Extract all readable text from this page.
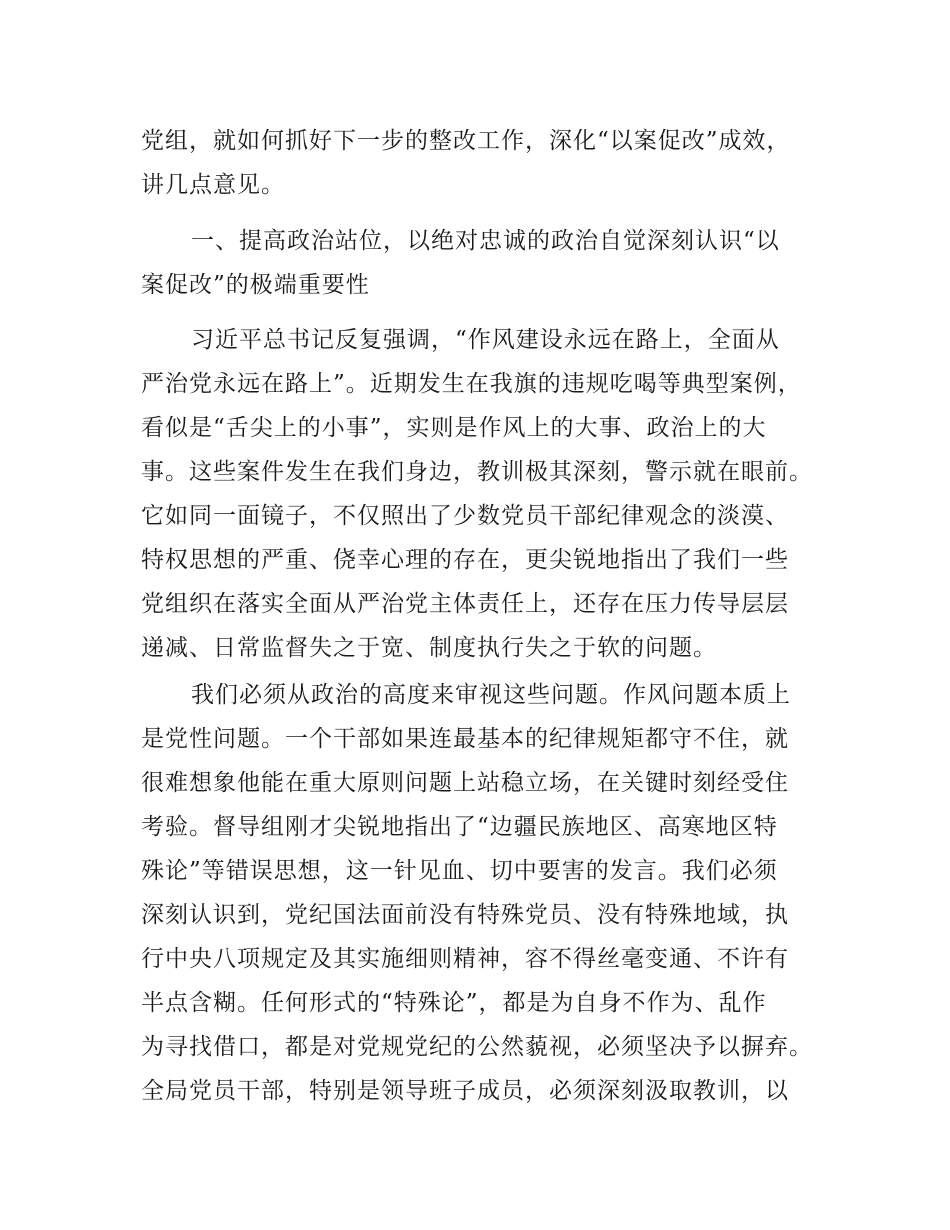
党组，就如何抓好下一步的整改工作，深化“以案促改”成效，
讲几点意见。
一、提高政治站位，以绝对忠诚的政治自觉深刻认识“以
案促改”的极端重要性
习近平总书记反复强调，“作风建设永远在路上，全面从
严治党永远在路上”。近期发生在我旗的违规吃喝等典型案例，
看似是“舌尖上的小事”，实则是作风上的大事、政治上的大
事。这些案件发生在我们身边，教训极其深刻，警示就在眼前。
它如同一面镜子，不仅照出了少数党员干部纪律观念的淡漠、
特权思想的严重、侥幸心理的存在，更尖锐地指出了我们一些
党组织在落实全面从严治党主体责任上，还存在压力传导层层
递减、日常监督失之于宽、制度执行失之于软的问题。
我们必须从政治的高度来审视这些问题。作风问题本质上
是党性问题。一个干部如果连最基本的纪律规矩都守不住，就
很难想象他能在重大原则问题上站稳立场，在关键时刻经受住
考验。督导组刚才尖锐地指出了“边疆民族地区、高寒地区特
殊论”等错误思想，这一针见血、切中要害的发言。我们必须
深刻认识到，党纪国法面前没有特殊党员、没有特殊地域，执
行中央八项规定及其实施细则精神，容不得丝毫变通、不许有
半点含糊。任何形式的“特殊论”，都是为自身不作为、乱作
为寻找借口，都是对党规党纪的公然藐视，必须坚决予以摒弃。
全局党员干部，特别是领导班子成员，必须深刻汲取教训，以
